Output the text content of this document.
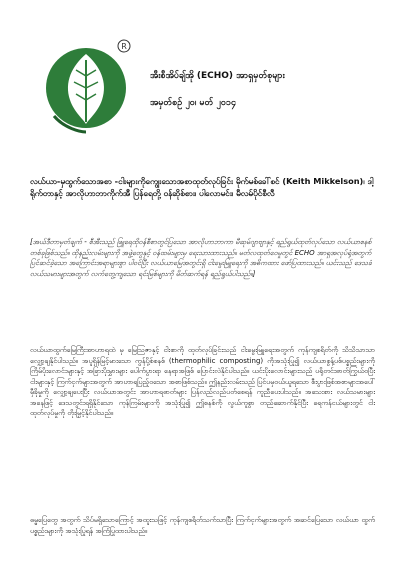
R
အီးစီအိပ်ချ်အို (ECHO) အာရှမှတ်စုများ
အမှတ်စဉ် ၂၀၊ မတ် ၂၀၁၄
လယ်ယာ-မှထွက်သောအစာ -ငါးများကိုကျွေးသောအစာထုတ်လုပ်ခြင်း မိုက်မစ်ခေါ်စင် (Keith Mikkelson)၊ ဒါ့ရိုက်တာနှင့် အာလိုဟာဘာကိုက်အီ ပြန်ရေတို့ ဝန်ဆိုစ်စား၊ ပါလောမင်း၊ မီလမ်ပိုင်စီလီ
[အယ်ဒီတာမှတ်ချက် - စီအီးသည် ဖြူရေထိုဝန်စီစာတွင်ပြသော အာလိုဟာဘာကာ မီဆုမ်ဂျာဗျာနှင့် ရည်ရွယ်ထုတ်လုပ်သော လယ်ယာစနစ်တစ်ခုဖြစ်သည်။ ထိုနည်းလမ်းများကို အဖွဲ့တွေနှင့် ဝန်ထမ်းများမှ ရေးသားထားသည်။ မတ်လထုတ်ဝေမှုတွင် ECHO အာရှအလုပ်ရုံအတွက် ပြင်ဆင်ခဲ့သော အကြောင်းအရာများစွာ ပါဝင်ပြီး လယ်ယာမြေအတွင်းရှိ ငါးမွေးမြူရေးကို အဓိကထား ဖော်ပြထားသည်။ ယင်းသည် ဒေသခံ လယ်သမားများအတွက် လက်တွေ့ကျသော ရင်းမြစ်များကို မိတ်ဆက်ရန် ရည်ရွယ်ပါသည်။]
လယ်ယာထွက်မြေကြီးအာဟာရထဲ မှ မြေဩဇာနှင့် ငါးစာကို ထုတ်လုပ်ခြင်းသည် ငါးမွေးမြူရေးအတွက် ကုန်ကျစရိတ်ကို သိသိသာသာ လျှော့ချနိုင်ပါသည်။ အပူရှိန်မြင့်မားသော ကွန်ပို့စ်စနစ် (thermophilic composting) ကိုအသုံးပြု၍ လယ်ယာစွန့်ပစ်ပစ္စည်းများကို ကြိမ်ပိုးလောင်းများနှင့် အခြားပိုးမွှားများ ပေါက်ပွားရာ နေရာအဖြစ် ပြောင်းလဲနိုင်ပါသည်။ ယင်းပိုးလောင်းများသည် ပရိုတင်းဓာတ်ကြွယ်ဝပြီး ငါးများနှင့် ကြက်ငှက်များအတွက် အာဟာရပြည့်ဝသော အစာဖြစ်သည်။ ဤနည်းလမ်းသည် ပြင်ပမှဝယ်ယူရသော စီးပွားဖြစ်အစာများအပေါ် မှီခိုမှုကို လျှော့ချပေးပြီး လယ်ယာအတွင်း အာဟာရဓာတ်များ ပြန်လည်လည်ပတ်စေရန် ကူညီပေးပါသည်။ အသေးစား လယ်သမားများအနေဖြင့် ဒေသတွင်းရရှိနိုင်သော ကုန်ကြမ်းများကို အသုံးပြု၍ ဤစနစ်ကို လွယ်ကူစွာ တည်ဆောက်နိုင်ပြီး ရေကန်ငယ်များတွင် ငါးထုတ်လုပ်မှုကို တိုးမြှင့်နိုင်ပါသည်။
ဓမ္မပြေတွေ အတွက် သိပ်မရှိသောကြောင့် အထူးသဖြင့် ကုန်ကျစရိတ်သက်သာပြီး ကြက်ငှက်များအတွက် အဆင်ပြေသော လယ်ယာ ထွက်ပစ္စည်းများကို အသုံးပြုရန် အကြံပြုထားပါသည်။
